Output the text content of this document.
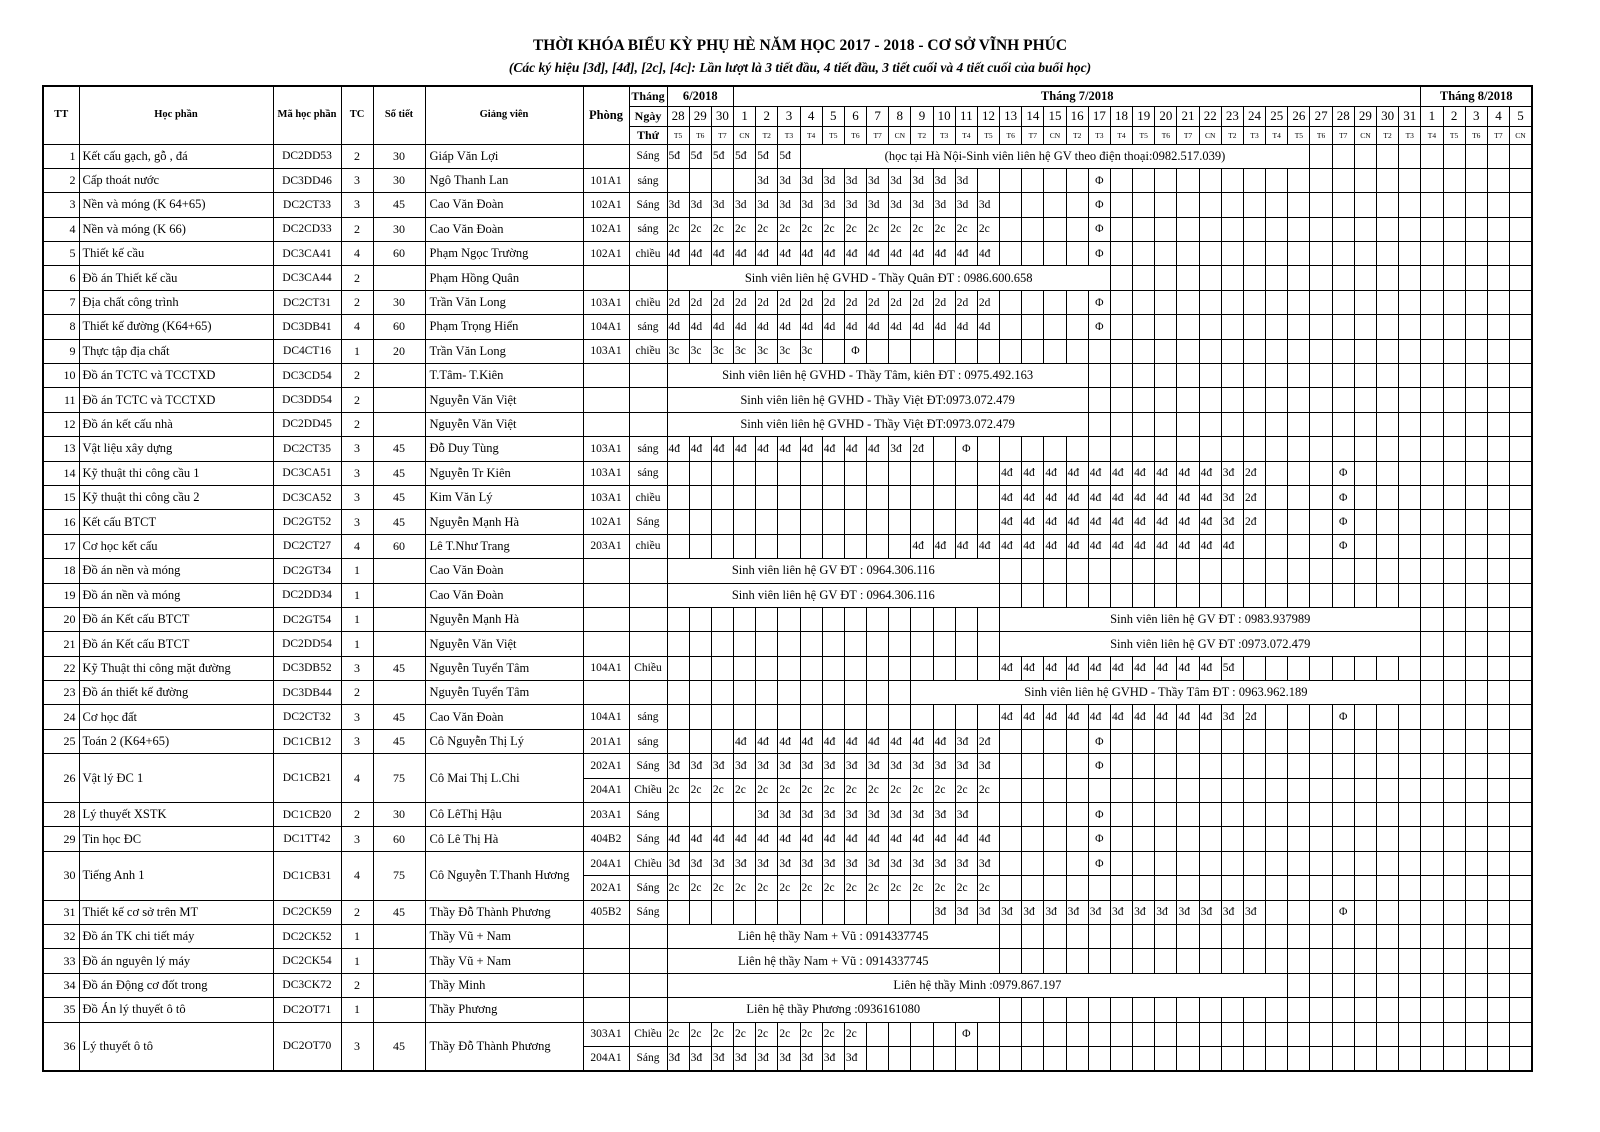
THỜI KHÓA BIỂU KỲ PHỤ HÈ NĂM HỌC 2017 - 2018 - CƠ SỞ VĨNH PHÚC
(Các ký hiệu [3đ], [4đ], [2c], [4c]: Lần lượt là 3 tiết đầu, 4 tiết đầu, 3 tiết cuối và 4 tiết cuối của buổi học)
TT	Học phần	Mã học phần	TC	Số tiết	Giảng viên	Phòng	Tháng	6/2018			Tháng 7/2018																															Tháng 8/2018				
							Ngày	28	29	30	1	2	3	4	5	6	7	8	9	10	11	12	13	14	15	16	17	18	19	20	21	22	23	24	25	26	27	28	29	30	31	1	2	3	4	5
							Thứ	T5	T6	T7	CN	T2	T3	T4	T5	T6	T7	CN	T2	T3	T4	T5	T6	T7	CN	T2	T3	T4	T5	T6	T7	CN	T2	T3	T4	T5	T6	T7	CN	T2	T3	T4	T5	T6	T7	CN
1	Kết cấu gạch, gỗ , đá	DC2DD53	2	30	Giáp Văn Lợi		Sáng	5đ	5đ	5đ	5đ	5đ	5đ	(học tại Hà Nội-Sinh viên liên hệ GV theo điện thoại:0982.517.039)																																
2	Cấp thoát nước	DC3DD46	3	30	Ngô Thanh Lan	101A1	sáng					3d	3d	3d	3d	3d	3d	3d	3d	3d	3d						Φ																			
3	Nền và móng (K 64+65)	DC2CT33	3	45	Cao Văn Đoàn	102A1	Sáng	3d	3d	3d	3d	3d	3d	3d	3d	3d	3d	3d	3d	3d	3d	3d					Φ																			
4	Nền và móng (K 66)	DC2CD33	2	30	Cao Văn Đoàn	102A1	sáng	2c	2c	2c	2c	2c	2c	2c	2c	2c	2c	2c	2c	2c	2c	2c					Φ																			
5	Thiết kế cầu	DC3CA41	4	60	Phạm Ngọc Trường	102A1	chiều	4đ	4đ	4đ	4đ	4đ	4đ	4đ	4đ	4đ	4đ	4đ	4đ	4đ	4đ	4đ					Φ																			
6	Đồ án Thiết kế cầu	DC3CA44	2		Phạm Hồng Quân			Sinh viên liên hệ GVHD - Thầy Quân ĐT : 0986.600.658																																						
7	Địa chất công trình	DC2CT31	2	30	Trần Văn Long	103A1	chiều	2d	2d	2d	2d	2d	2d	2d	2d	2d	2d	2d	2d	2d	2d	2d					Φ																			
8	Thiết kế đường (K64+65)	DC3DB41	4	60	Phạm Trọng Hiển	104A1	sáng	4d	4d	4d	4d	4d	4d	4d	4d	4d	4d	4d	4d	4d	4d	4d					Φ																			
9	Thực tập địa chất	DC4CT16	1	20	Trần Văn Long	103A1	chiều	3c	3c	3c	3c	3c	3c	3c		Φ																														
10	Đồ án TCTC và TCCTXD	DC3CD54	2		T.Tâm- T.Kiên			Sinh viên liên hệ GVHD - Thầy Tâm, kiên ĐT : 0975.492.163																																						
11	Đồ án TCTC và TCCTXD	DC3DD54	2		Nguyễn Văn Việt			Sinh viên liên hệ GVHD - Thầy Việt ĐT:0973.072.479																																						
12	Đồ án kết cấu nhà	DC2DD45	2		Nguyễn Văn Việt			Sinh viên liên hệ GVHD - Thầy Việt ĐT:0973.072.479																																						
13	Vật liệu xây dựng	DC2CT35	3	45	Đỗ Duy Tùng	103A1	sáng	4đ	4đ	4đ	4đ	4đ	4đ	4đ	4đ	4đ	4đ	3đ	2đ		Φ																									
14	Kỹ thuật thi công cầu 1	DC3CA51	3	45	Nguyễn Tr Kiên	103A1	sáng																4đ	4đ	4đ	4đ	4đ	4đ	4đ	4đ	4đ	4đ	3đ	2đ				Φ								
15	Kỹ thuật thi công cầu 2	DC3CA52	3	45	Kim Văn Lý	103A1	chiều																4đ	4đ	4đ	4đ	4đ	4đ	4đ	4đ	4đ	4đ	3đ	2đ				Φ								
16	Kết cấu BTCT	DC2GT52	3	45	Nguyễn Mạnh Hà	102A1	Sáng																4đ	4đ	4đ	4đ	4đ	4đ	4đ	4đ	4đ	4đ	3đ	2đ				Φ								
17	Cơ học kết cấu	DC2CT27	4	60	Lê T.Như Trang	203A1	chiều												4đ	4đ	4đ	4đ	4đ	4đ	4đ	4đ	4đ	4đ	4đ	4đ	4đ	4đ	4đ					Φ								
18	Đồ án nền và móng	DC2GT34	1		Cao Văn Đoàn			Sinh viên liên hệ GV ĐT : 0964.306.116																																						
19	Đồ án nền và móng	DC2DD34	1		Cao Văn Đoàn			Sinh viên liên hệ GV ĐT : 0964.306.116																																						
20	Đồ án Kết cấu BTCT	DC2GT54	1		Nguyễn Mạnh Hà																		Sinh viên liên hệ GV ĐT : 0983.937989																							
21	Đồ án Kết cấu BTCT	DC2DD54	1		Nguyễn Văn Việt																		Sinh viên liên hệ GV ĐT :0973.072.479																							
22	Kỹ Thuật thi công mặt đường	DC3DB52	3	45	Nguyễn Tuyển Tâm	104A1	Chiều																4đ	4đ	4đ	4đ	4đ	4đ	4đ	4đ	4đ	4đ	5đ													
23	Đồ án thiết kế đường	DC3DB44	2		Nguyễn Tuyển Tâm														Sinh viên liên hệ GVHD - Thầy Tâm ĐT : 0963.962.189																											
24	Cơ học đất	DC2CT32	3	45	Cao Văn Đoàn	104A1	sáng																4đ	4đ	4đ	4đ	4đ	4đ	4đ	4đ	4đ	4đ	3đ	2đ				Φ								
25	Toán 2 (K64+65)	DC1CB12	3	45	Cô Nguyễn Thị Lý	201A1	sáng				4đ	4đ	4đ	4đ	4đ	4đ	4đ	4đ	4đ	4đ	3đ	2đ					Φ																			
26	Vật lý ĐC 1	DC1CB21	4	75	Cô Mai Thị L.Chi	202A1	Sáng	3đ	3đ	3đ	3đ	3đ	3đ	3đ	3đ	3đ	3đ	3đ	3đ	3đ	3đ	3đ					Φ																			
						204A1	Chiều	2c	2c	2c	2c	2c	2c	2c	2c	2c	2c	2c	2c	2c	2c	2c																								
28	Lý thuyết XSTK	DC1CB20	2	30	Cô LêThị Hậu	203A1	Sáng					3đ	3đ	3đ	3đ	3đ	3đ	3đ	3đ	3đ	3đ						Φ																			
29	Tin học ĐC	DC1TT42	3	60	Cô Lê Thị Hà	404B2	Sáng	4đ	4đ	4đ	4đ	4đ	4đ	4đ	4đ	4đ	4đ	4đ	4đ	4đ	4đ	4đ					Φ																			
30	Tiếng Anh 1	DC1CB31	4	75	Cô Nguyễn T.Thanh Hương	204A1	Chiều	3đ	3đ	3đ	3đ	3đ	3đ	3đ	3đ	3đ	3đ	3đ	3đ	3đ	3đ	3đ					Φ																			
						202A1	Sáng	2c	2c	2c	2c	2c	2c	2c	2c	2c	2c	2c	2c	2c	2c	2c																								
31	Thiết kế cơ sở trên MT	DC2CK59	2	45	Thầy Đỗ Thành Phương	405B2	Sáng													3đ	3đ	3đ	3đ	3đ	3đ	3đ	3đ	3đ	3đ	3đ	3đ	3đ	3đ	3đ				Φ								
32	Đồ án TK chi tiết máy	DC2CK52	1		Thầy Vũ + Nam			Liên hệ thầy Nam + Vũ : 0914337745																																						
33	Đồ án nguyên lý máy	DC2CK54	1		Thầy Vũ + Nam			Liên hệ thầy Nam + Vũ : 0914337745																																						
34	Đồ án Động cơ đốt trong	DC3CK72	2		Thầy Minh			Liên hệ thầy Minh :0979.867.197																																						
35	Đồ Án lý thuyết ô tô	DC2OT71	1		Thầy Phương			Liên hệ thầy Phương :0936161080																																						
36	Lý thuyết ô tô	DC2OT70	3	45	Thầy Đỗ Thành Phương	303A1	Chiều	2c	2c	2c	2c	2c	2c	2c	2c	2c					Φ																									
						204A1	Sáng	3đ	3đ	3đ	3đ	3đ	3đ	3đ	3đ	3đ																														
